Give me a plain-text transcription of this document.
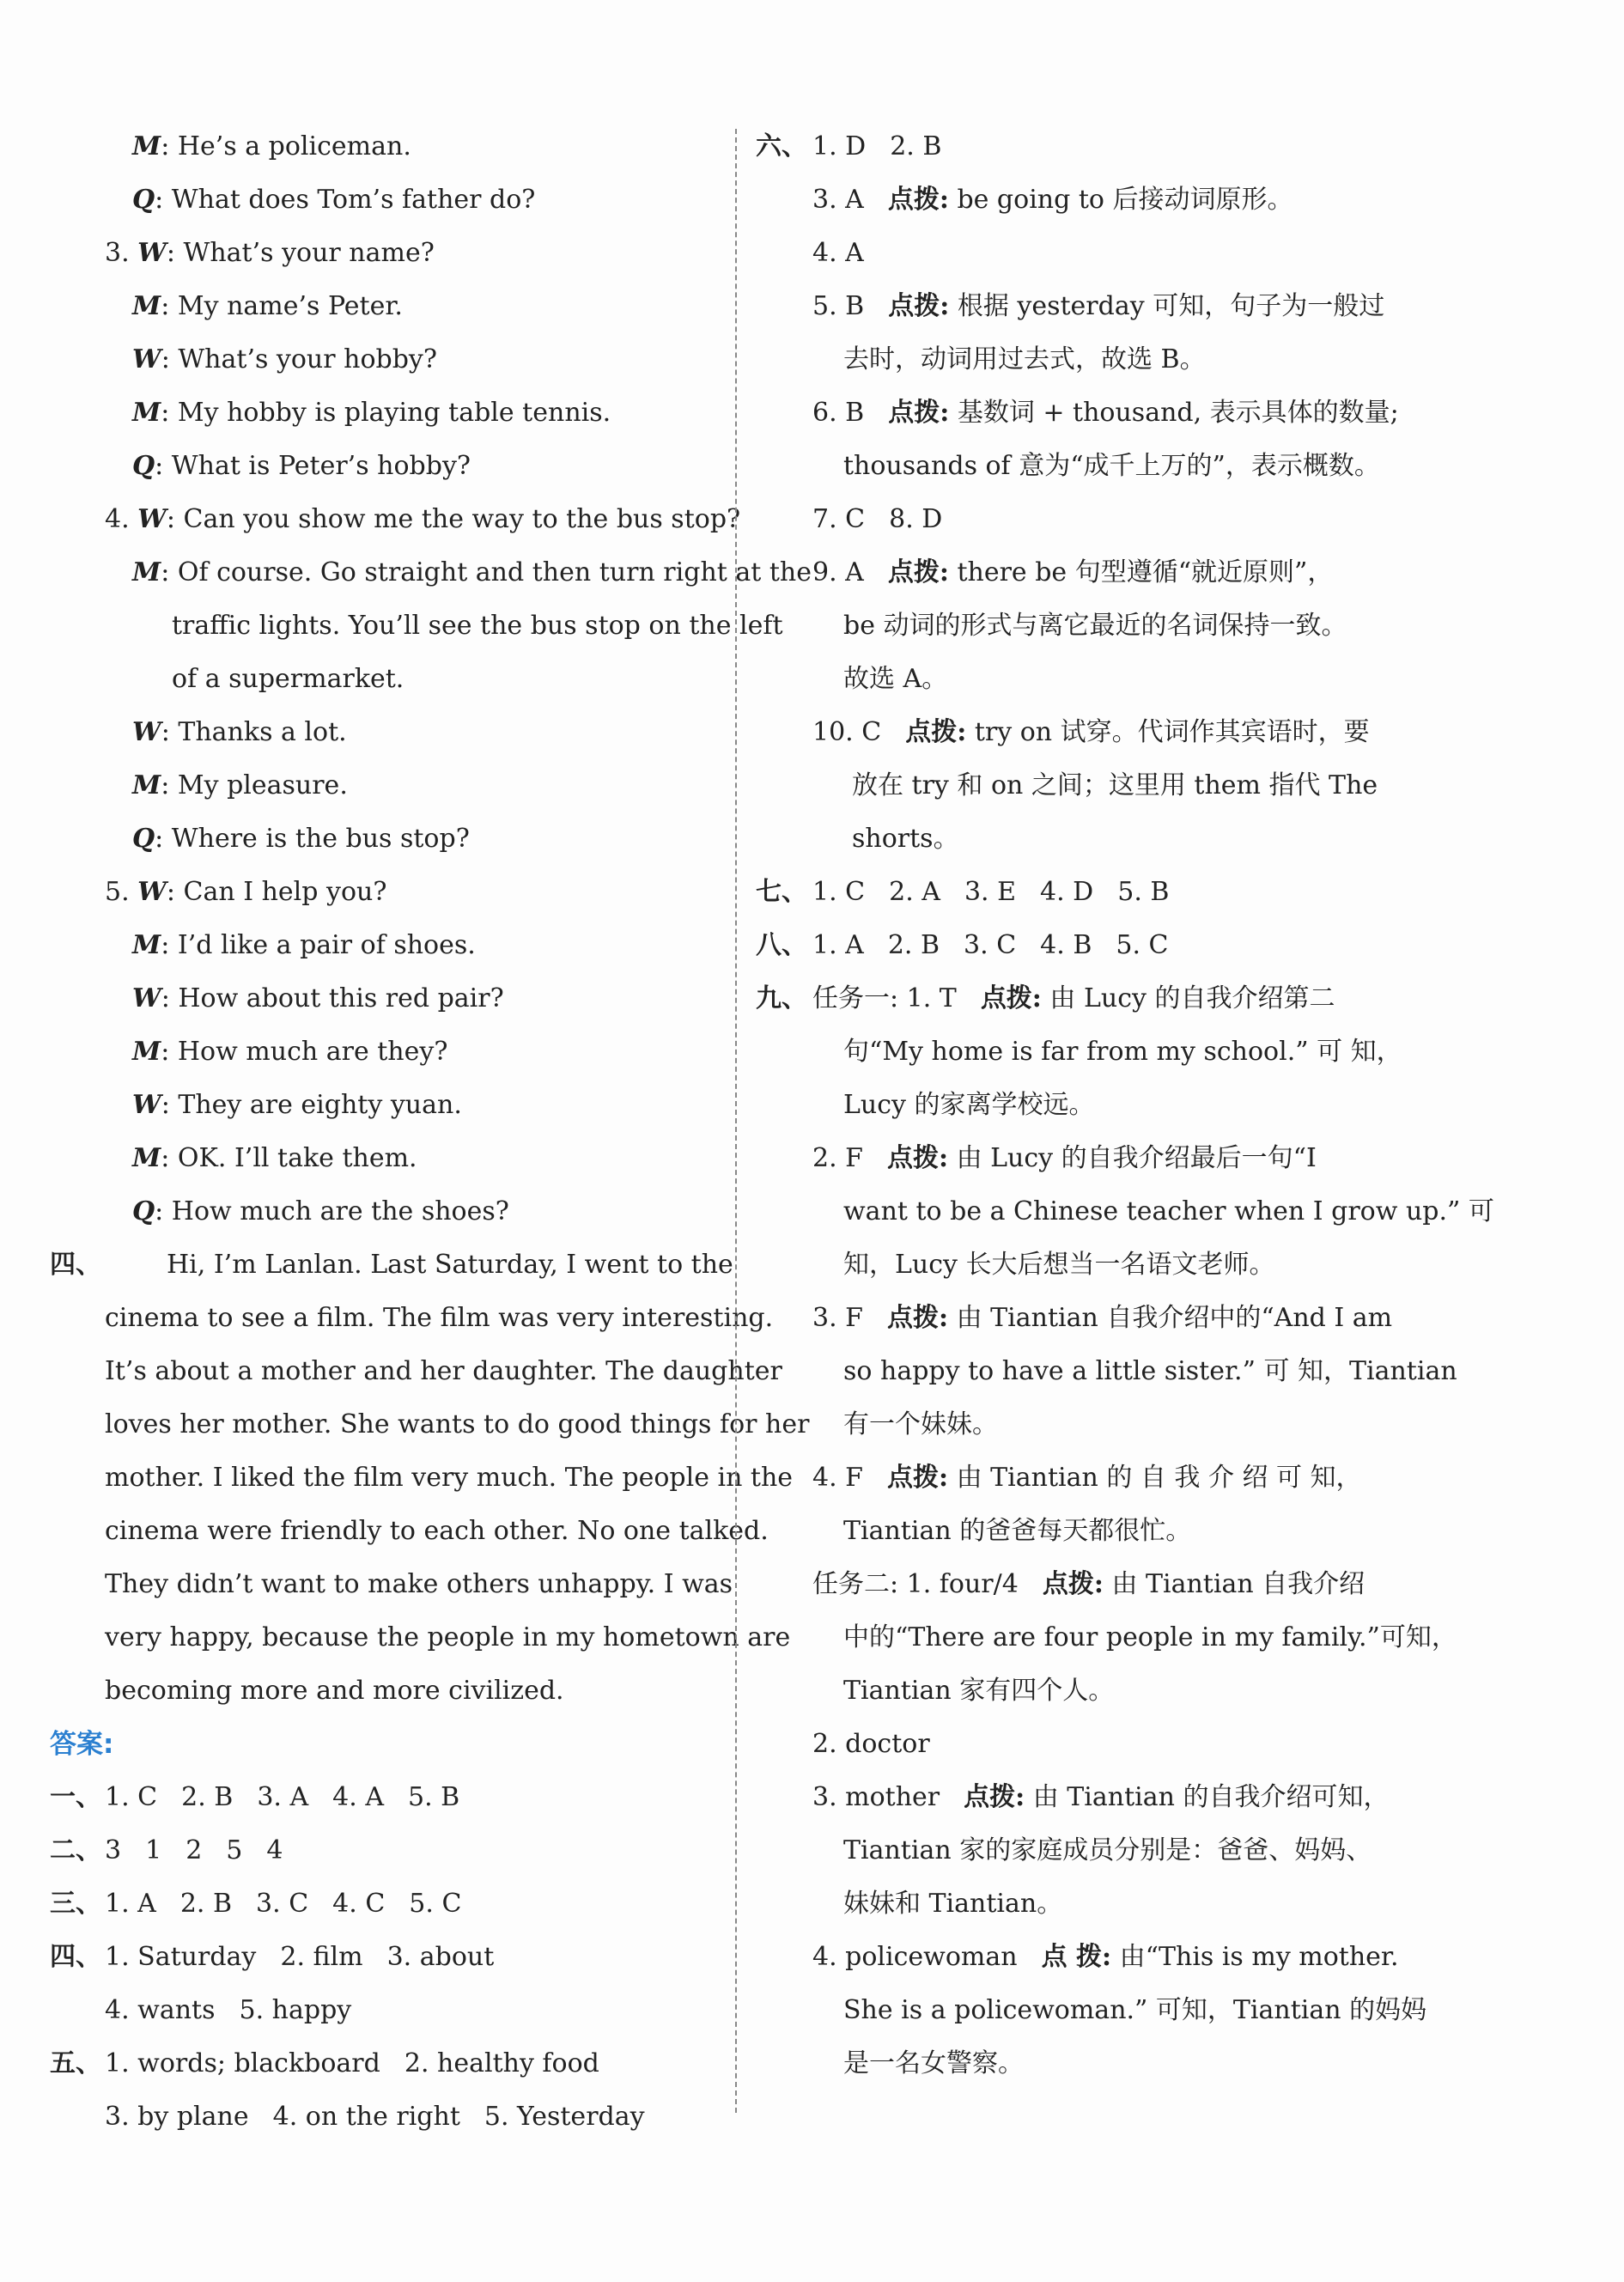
M: He’s a policeman.
Q: What does Tom’s father do?
3. W: What’s your name?
M: My name’s Peter.
W: What’s your hobby?
M: My hobby is playing table tennis.
Q: What is Peter’s hobby?
4. W: Can you show me the way to the bus stop?
M: Of course. Go straight and then turn right at the
traffic lights. You’ll see the bus stop on the left
of a supermarket.
W: Thanks a lot.
M: My pleasure.
Q: Where is the bus stop?
5. W: Can I help you?
M: I’d like a pair of shoes.
W: How about this red pair?
M: How much are they?
W: They are eighty yuan.
M: OK. I’ll take them.
Q: How much are the shoes?
四、	Hi, I’m Lanlan. Last Saturday, I went to the
cinema to see a film. The film was very interesting.
It’s about a mother and her daughter. The daughter
loves her mother. She wants to do good things for her
mother. I liked the film very much. The people in the
cinema were friendly to each other. No one talked.
They didn’t want to make others unhappy. I was
very happy, because the people in my hometown are
becoming more and more civilized.
答案:
一、 1. C 2. B 3. A 4. A 5. B
二、 3 1 2 5 4
三、 1. A 2. B 3. C 4. C 5. C
四、 1. Saturday 2. film 3. about
4. wants 5. happy
五、 1. words; blackboard 2. healthy food
3. by plane 4. on the right 5. Yesterday
六、 1. D 2. B
3. A 点拨: be going to 后接动词原形。
4. A
5. B 点拨: 根据 yesterday 可知，句子为一般过
去时，动词用过去式，故选 B。
6. B 点拨: 基数词 + thousand, 表示具体的数量;
thousands of 意为“成千上万的”，表示概数。
7. C 8. D
9. A 点拨: there be 句型遵循“就近原则”，
be 动词的形式与离它最近的名词保持一致。
故选 A。
10. C 点拨: try on 试穿。代词作其宾语时，要
放在 try 和 on 之间；这里用 them 指代 The
shorts。
七、 1. C 2. A 3. E 4. D 5. B
八、 1. A 2. B 3. C 4. B 5. C
九、 任务一: 1. T 点拨: 由 Lucy 的自我介绍第二
句“My home is far from my school.” 可 知，
Lucy 的家离学校远。
2. F 点拨: 由 Lucy 的自我介绍最后一句“I
want to be a Chinese teacher when I grow up.” 可
知，Lucy 长大后想当一名语文老师。
3. F 点拨: 由 Tiantian 自我介绍中的“And I am
so happy to have a little sister.” 可 知，Tiantian
有一个妹妹。
4. F 点拨: 由 Tiantian 的 自 我 介 绍 可 知，
Tiantian 的爸爸每天都很忙。
任务二: 1. four/4 点拨: 由 Tiantian 自我介绍
中的“There are four people in my family.”可知，
Tiantian 家有四个人。
2. doctor
3. mother 点拨: 由 Tiantian 的自我介绍可知，
Tiantian 家的家庭成员分别是：爸爸、妈妈、
妹妹和 Tiantian。
4. policewoman 点 拨: 由“This is my mother.
She is a policewoman.” 可知，Tiantian 的妈妈
是一名女警察。
